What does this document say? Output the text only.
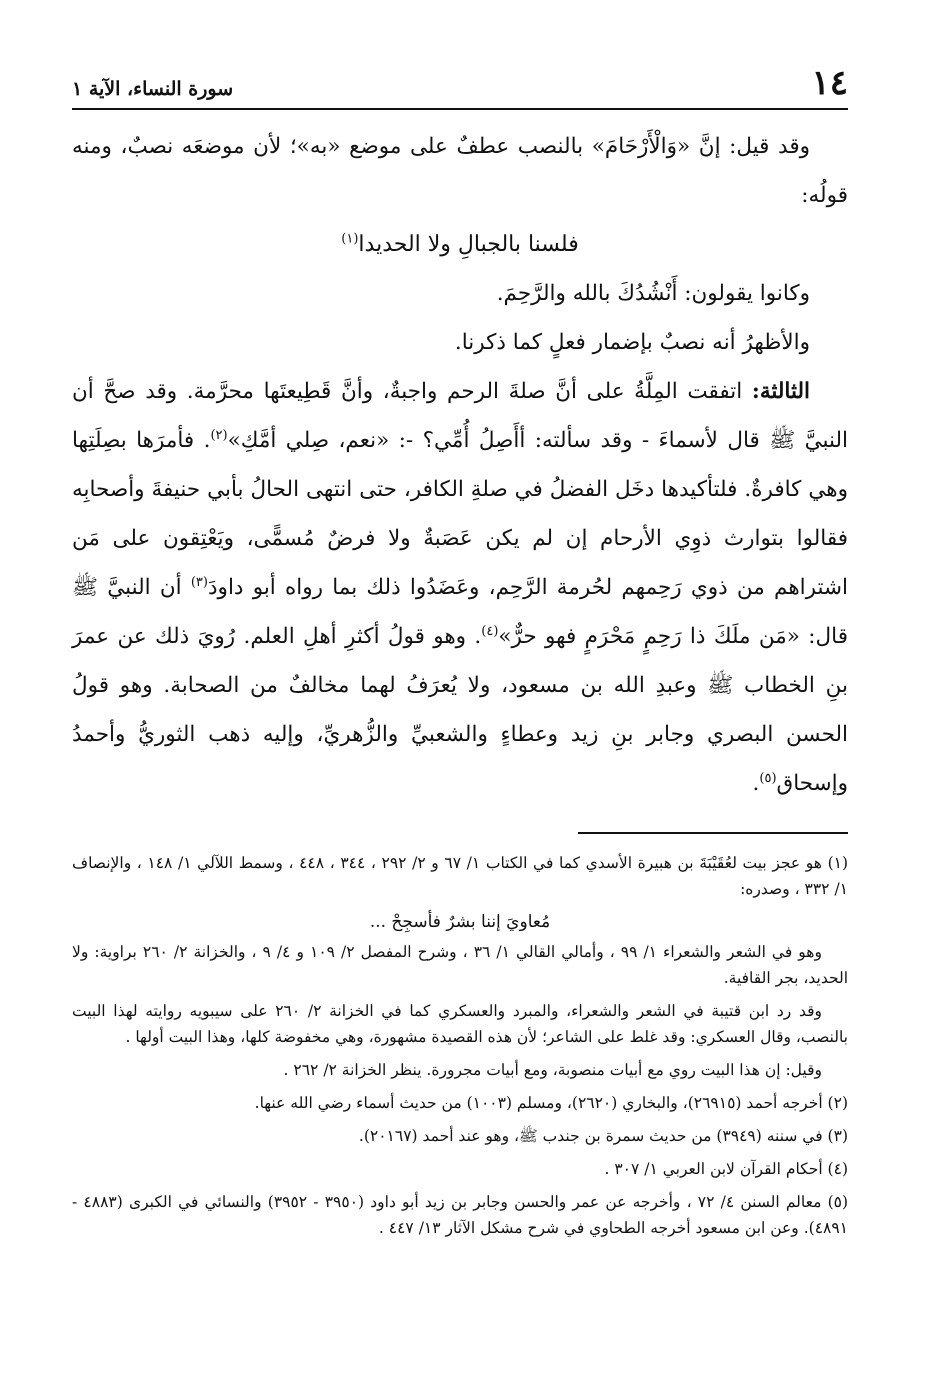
١٤
سورة النساء، الآية ١

وقد قيل: إنَّ «وَالْأَرْحَامَ» بالنصب عطفٌ على موضع «به»؛ لأن موضعَه نصبٌ، ومنه قولُه:

فلسنا بالجبالِ ولا الحديدا$^{(١)}$

وكانوا يقولون: أَنْشُدُكَ بالله والرَّحِمَ.

والأظهرُ أنه نصبٌ بإضمار فعلٍ كما ذكرنا.

الثالثة: اتفقت المِلَّةُ على أنَّ صلةَ الرحم واجبةٌ، وأنَّ قَطِيعتَها محرَّمة. وقد صحَّ أن النبيَّ ﷺ قال لأسماءَ - وقد سألته: أأَصِلُ أُمِّي؟ -: «نعم، صِلي أمَّكِ»$^{(٢)}$. فأمرَها بصِلَتِها وهي كافرةٌ. فلتأكيدها دخَل الفضلُ في صلةِ الكافر، حتى انتهى الحالُ بأبي حنيفةَ وأصحابِه فقالوا بتوارث ذوِي الأرحام إن لم يكن عَصَبةٌ ولا فرضٌ مُسمًّى، ويَعْتِقون على مَن اشتراهم من ذوي رَحِمهم لحُرمة الرَّحِم، وعَضَدُوا ذلك بما رواه أبو داودَ$^{(٣)}$ أن النبيَّ ﷺ قال: «مَن ملَكَ ذا رَحِمٍ مَحْرَمٍ فهو حرٌّ»$^{(٤)}$. وهو قولُ أكثرِ أهلِ العلم. رُويَ ذلك عن عمرَ بنِ الخطاب ﷺ وعبدِ الله بن مسعود، ولا يُعرَفُ لهما مخالفٌ من الصحابة. وهو قولُ الحسن البصري وجابر بنِ زيد وعطاءٍ والشعبيِّ والزُّهريِّ، وإليه ذهب الثوريُّ وأحمدُ وإسحاق$^{(٥)}$.

(١) هو عجز بيت لعُقَيْبَةَ بن هبيرة الأسدي كما في الكتاب ١/ ٦٧ و ٢/ ٢٩٢ ، ٣٤٤ ، ٤٤٨ ، وسمط اللآلي ١/ ١٤٨ ، والإنصاف ١/ ٣٣٢ ، وصدره:

مُعاويَ إننا بشرٌ فأسجِحْ ...

وهو في الشعر والشعراء ١/ ٩٩ ، وأمالي القالي ١/ ٣٦ ، وشرح المفصل ٢/ ١٠٩ و ٤/ ٩ ، والخزانة ٢/ ٢٦٠ براوية: ولا الحديد، بجر القافية.

وقد رد ابن قتيبة في الشعر والشعراء، والمبرد والعسكري كما في الخزانة ٢/ ٢٦٠ على سيبويه روايته لهذا البيت بالنصب، وقال العسكري: وقد غلط على الشاعر؛ لأن هذه القصيدة مشهورة، وهي مخفوضة كلها، وهذا البيت أولها .

وقيل: إن هذا البيت روي مع أبيات منصوبة، ومع أبيات مجرورة. ينظر الخزانة ٢/ ٢٦٢ .

(٢) أخرجه أحمد (٢٦٩١٥)، والبخاري (٢٦٢٠)، ومسلم (١٠٠٣) من حديث أسماء رضي الله عنها.

(٣) في سننه (٣٩٤٩) من حديث سمرة بن جندب ﷺ، وهو عند أحمد (٢٠١٦٧).

(٤) أحكام القرآن لابن العربي ١/ ٣٠٧ .

(٥) معالم السنن ٤/ ٧٢ ، وأخرجه عن عمر والحسن وجابر بن زيد أبو داود (٣٩٥٠ - ٣٩٥٢) والنسائي في الكبرى (٤٨٨٣ - ٤٨٩١). وعن ابن مسعود أخرجه الطحاوي في شرح مشكل الآثار ١٣/ ٤٤٧ .
